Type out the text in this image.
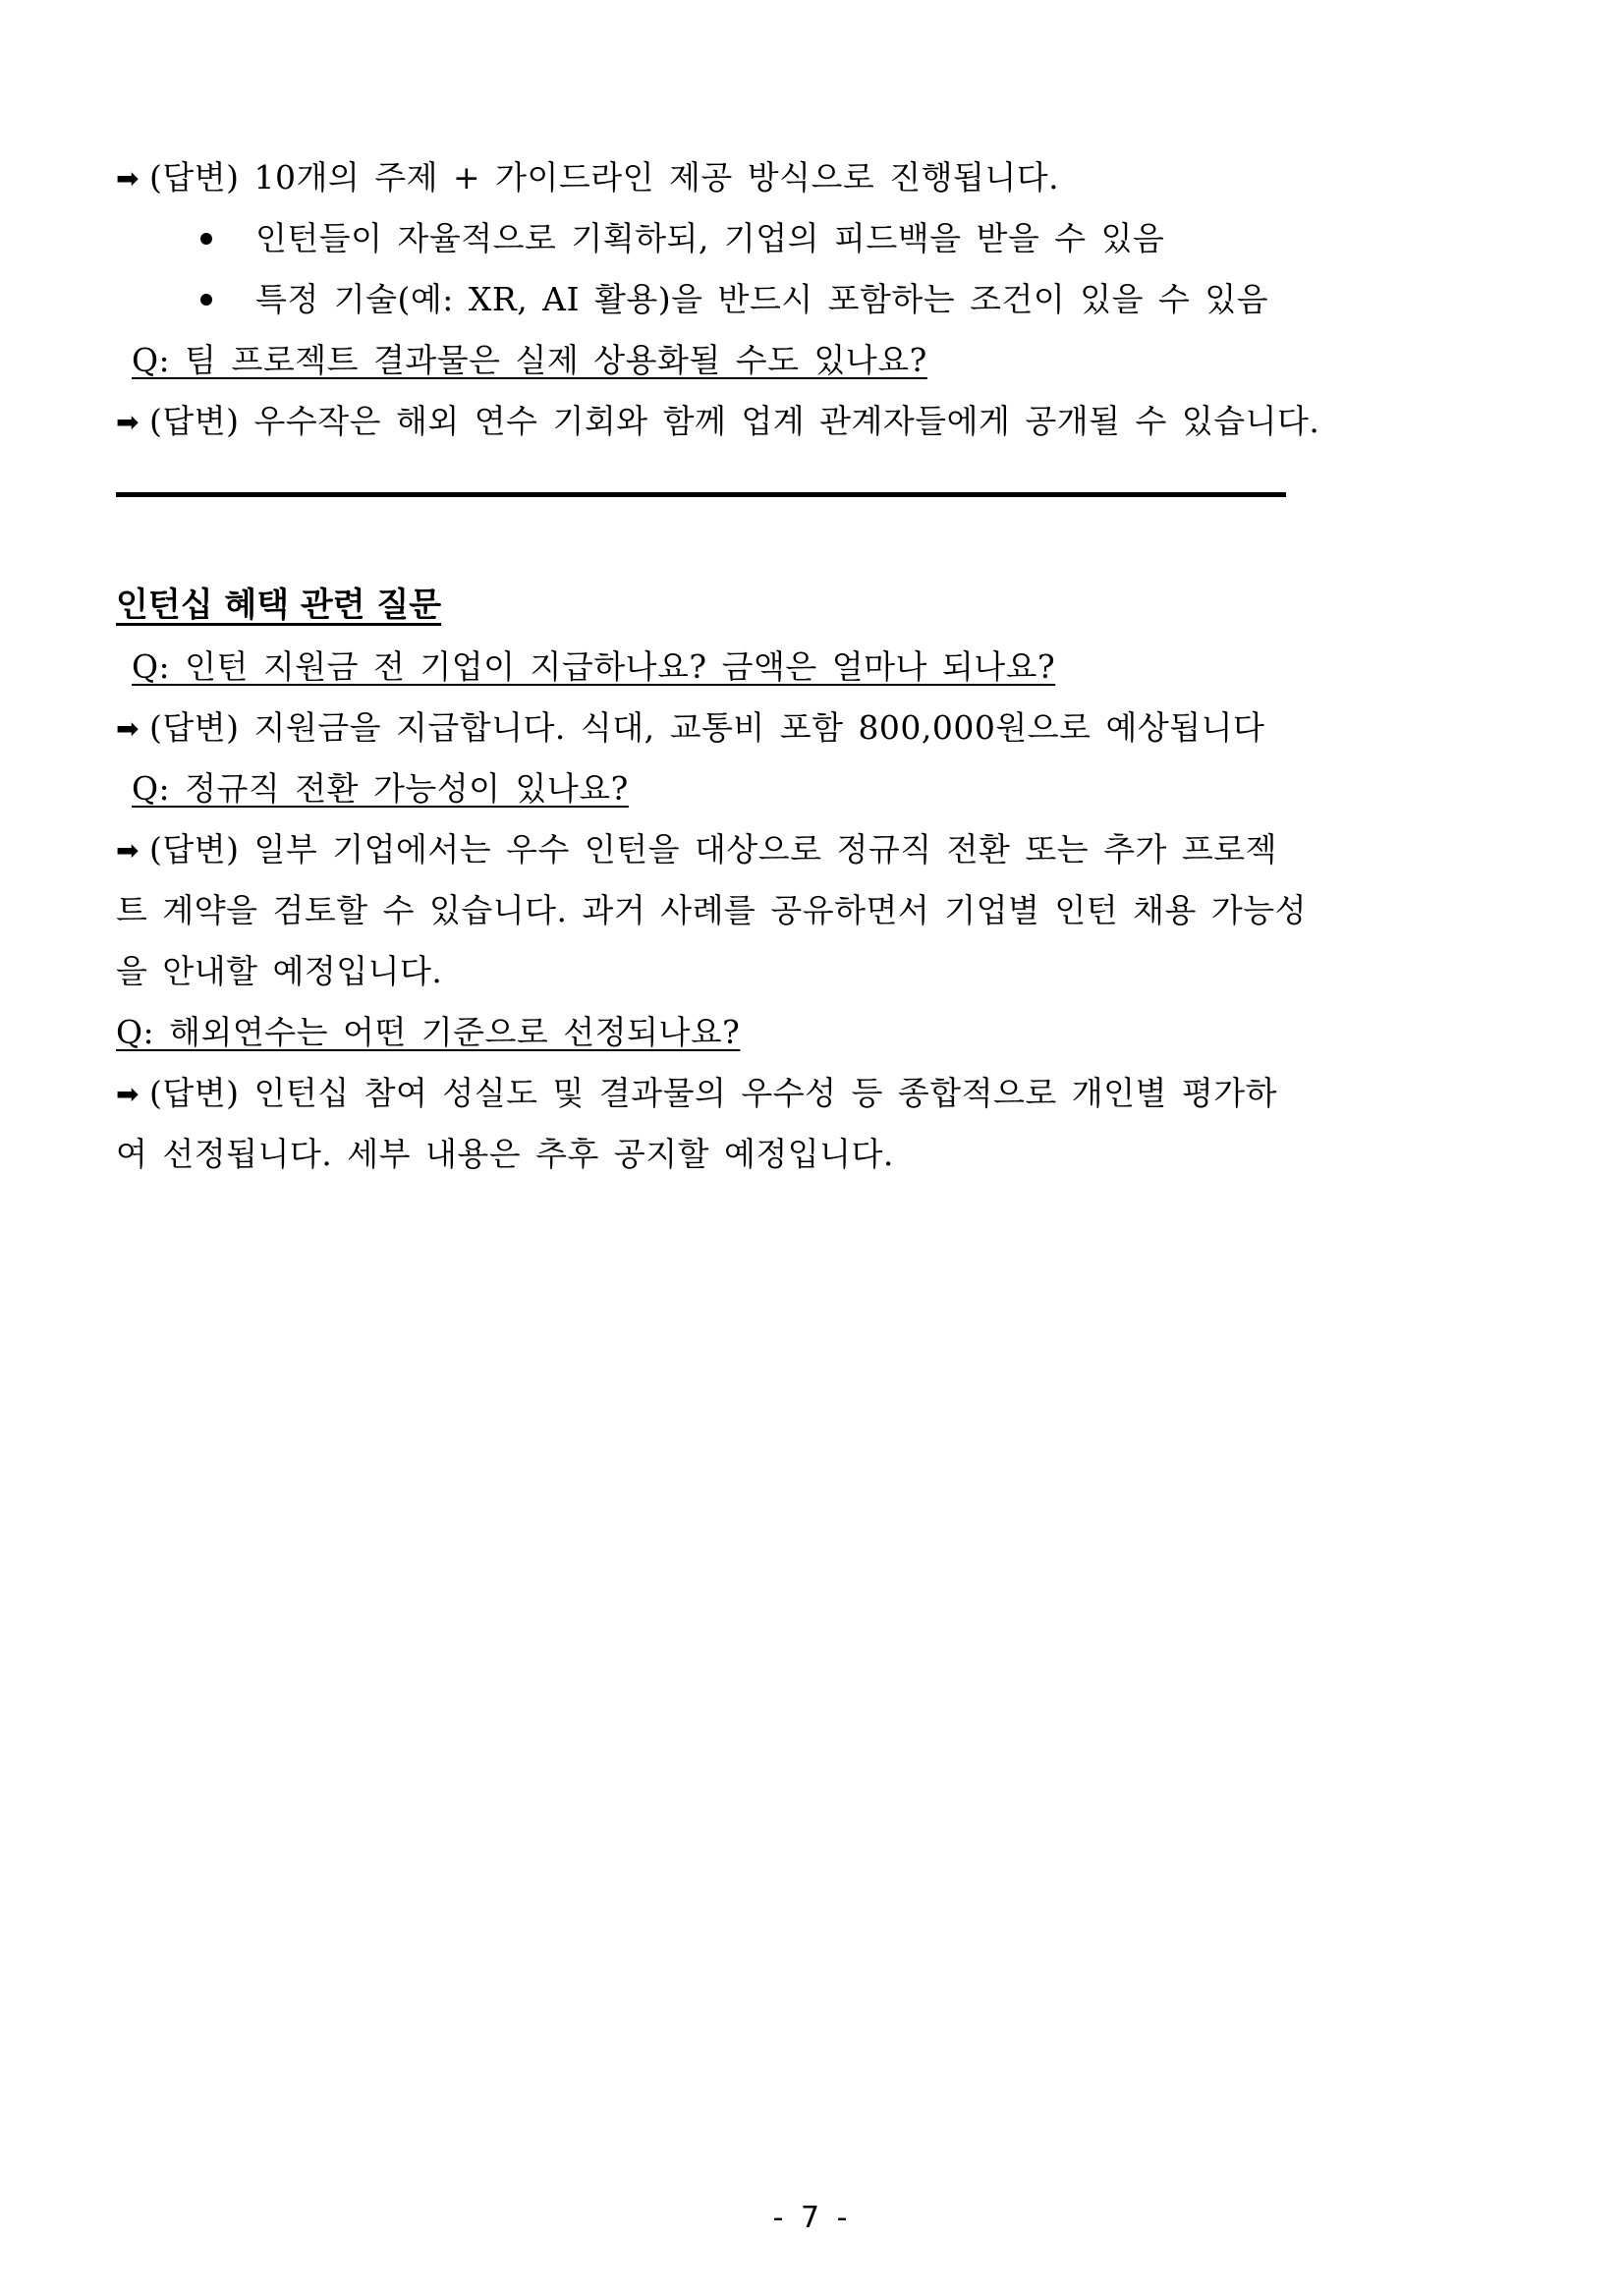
➡ (답변) 10개의 주제 + 가이드라인 제공 방식으로 진행됩니다.

인턴들이 자율적으로 기획하되, 기업의 피드백을 받을 수 있음
특정 기술(예: XR, AI 활용)을 반드시 포함하는 조건이 있을 수 있음

Q: 팀 프로젝트 결과물은 실제 상용화될 수도 있나요?

➡ (답변) 우수작은 해외 연수 기회와 함께 업계 관계자들에게 공개될 수 있습니다.

인턴십 혜택 관련 질문

Q: 인턴 지원금 전 기업이 지급하나요? 금액은 얼마나 되나요?

➡ (답변) 지원금을 지급합니다. 식대, 교통비 포함 800,000원으로 예상됩니다

Q: 정규직 전환 가능성이 있나요?

➡ (답변) 일부 기업에서는 우수 인턴을 대상으로 정규직 전환 또는 추가 프로젝
트 계약을 검토할 수 있습니다. 과거 사례를 공유하면서 기업별 인턴 채용 가능성
을 안내할 예정입니다.

Q: 해외연수는 어떤 기준으로 선정되나요?

➡ (답변) 인턴십 참여 성실도 및 결과물의 우수성 등 종합적으로 개인별 평가하
여 선정됩니다. 세부 내용은 추후 공지할 예정입니다.
- 7 -
